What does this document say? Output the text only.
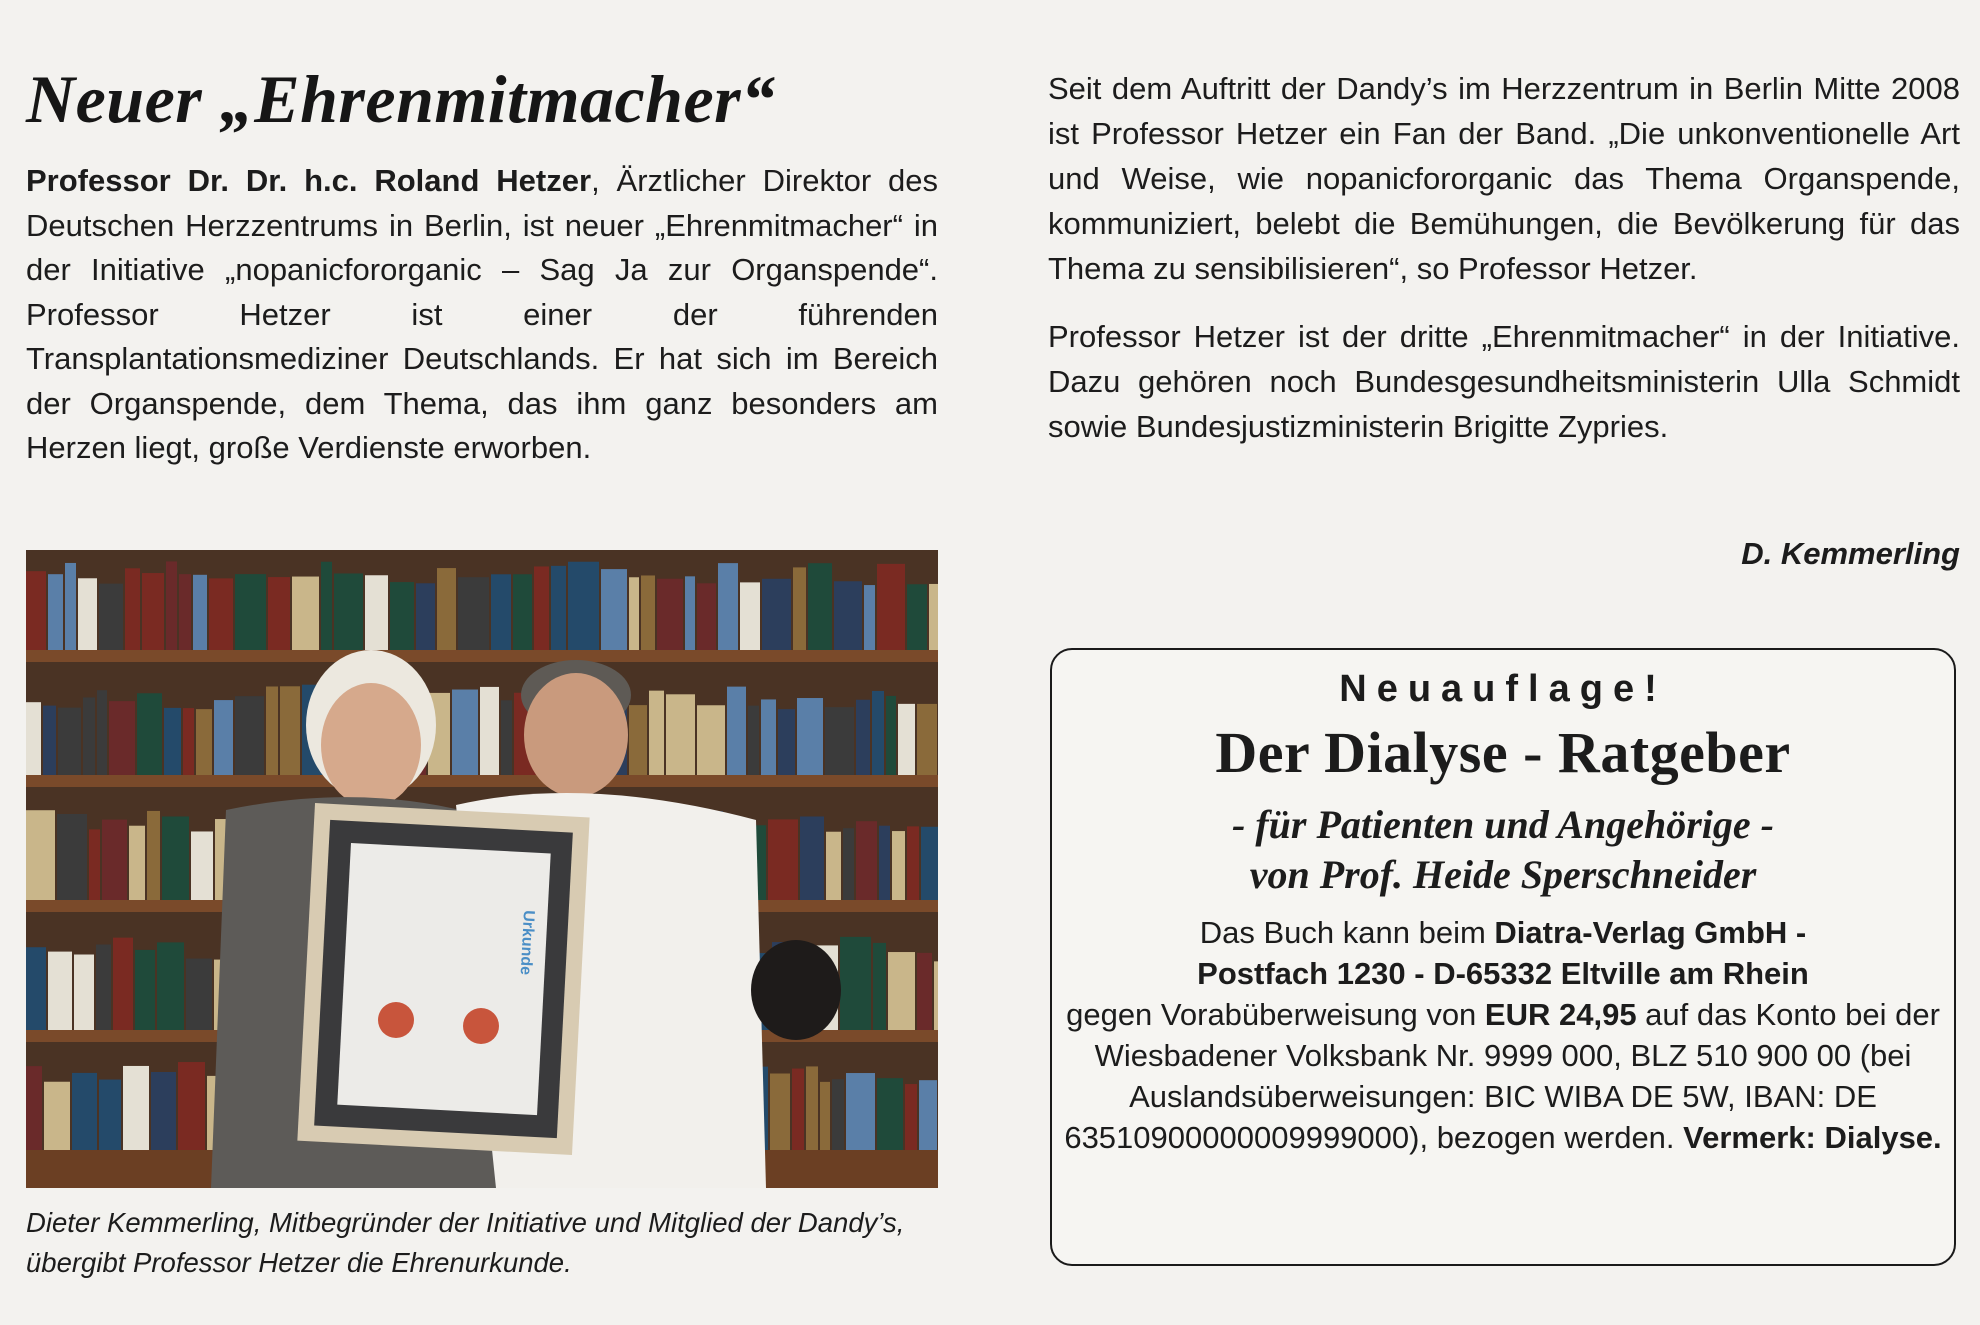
Neuer „Ehrenmitmacher“

Professor Dr. Dr. h.c. Roland Hetzer, Ärztlicher Direktor des Deutschen Herzzentrums in Berlin, ist neuer „Ehrenmitmacher“ in der Initiative „nopanicfororganic – Sag Ja zur Organspende“. Professor Hetzer ist einer der führenden Transplantationsmediziner Deutschlands. Er hat sich im Bereich der Organspende, dem Thema, das ihm ganz besonders am Herzen liegt, große Verdienste erworben.

Urkunde

Dieter Kemmerling, Mitbegründer der Initiative und Mitglied der Dandy’s, übergibt Professor Hetzer die Ehrenurkunde.

Seit dem Auftritt der Dandy’s im Herzzentrum in Berlin Mitte 2008 ist Professor Hetzer ein Fan der Band. „Die unkonventionelle Art und Weise, wie nopanicfororganic das Thema Organspende, kommuniziert, belebt die Bemühungen, die Bevölkerung für das Thema zu sensibilisieren“, so Professor Hetzer.

Professor Hetzer ist der dritte „Ehrenmitmacher“ in der Initiative. Dazu gehören noch Bundesgesundheitsministerin Ulla Schmidt sowie Bundesjustizministerin Brigitte Zypries.

D. Kemmerling

Neuauflage!
Der Dialyse - Ratgeber
- für Patienten und Angehörige -
von Prof. Heide Sperschneider
Das Buch kann beim Diatra-Verlag GmbH -
Postfach 1230 - D-65332 Eltville am Rhein
gegen Vorabüberweisung von EUR 24,95 auf das Konto bei der Wiesbadener Volksbank Nr. 9999 000, BLZ 510 900 00 (bei Auslandsüberweisungen: BIC WIBA DE 5W, IBAN: DE 63510900000009999000), bezogen werden. Vermerk: Dialyse.
